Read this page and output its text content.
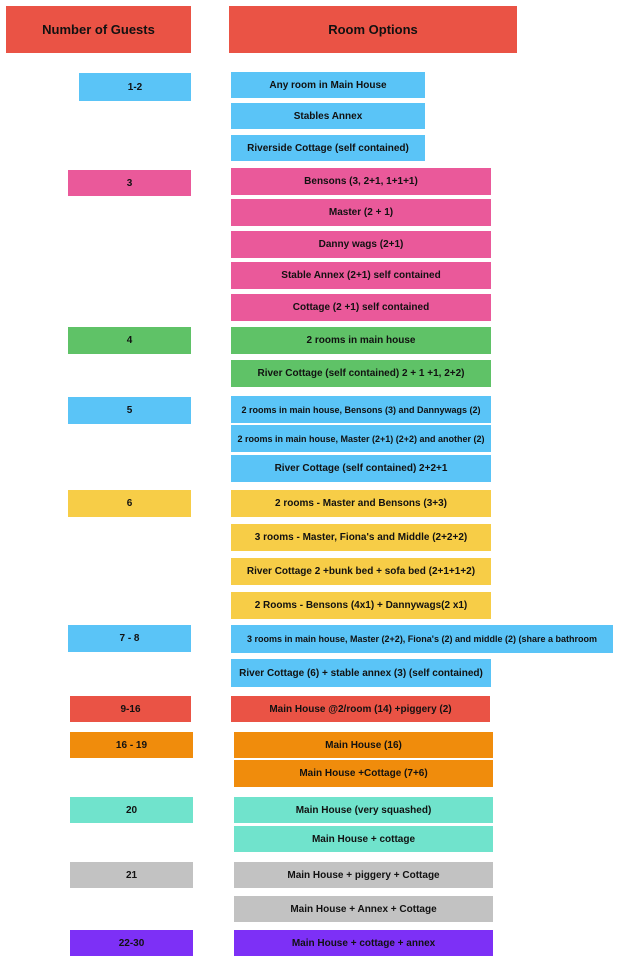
Number of Guests	Room Options
1-2	Any room in Main House
Stables Annex
Riverside Cottage (self contained)
3	Bensons (3, 2+1, 1+1+1)
Master (2 + 1)
Danny wags (2+1)
Stable Annex (2+1) self contained
Cottage (2 +1) self contained
4	2 rooms in main house
River Cottage (self contained) 2 + 1 +1, 2+2)
5	2 rooms in main house, Bensons (3) and Dannywags (2)
2 rooms in main house, Master (2+1) (2+2) and another (2)
River Cottage (self contained) 2+2+1
6	2 rooms - Master and Bensons (3+3)
3 rooms - Master, Fiona's and Middle (2+2+2)
River Cottage 2 +bunk bed + sofa bed (2+1+1+2)
2 Rooms - Bensons (4x1) + Dannywags(2 x1)
7 - 8	3 rooms in main house, Master (2+2), Fiona's (2) and middle (2) (share a bathroom
River Cottage (6) + stable annex (3) (self contained)
9-16	Main House @2/room (14) +piggery (2)
16 - 19	Main House (16)
Main House +Cottage (7+6)
20	Main House (very squashed)
Main House + cottage
21	Main House + piggery + Cottage
Main House + Annex + Cottage
22-30	Main House + cottage + annex
